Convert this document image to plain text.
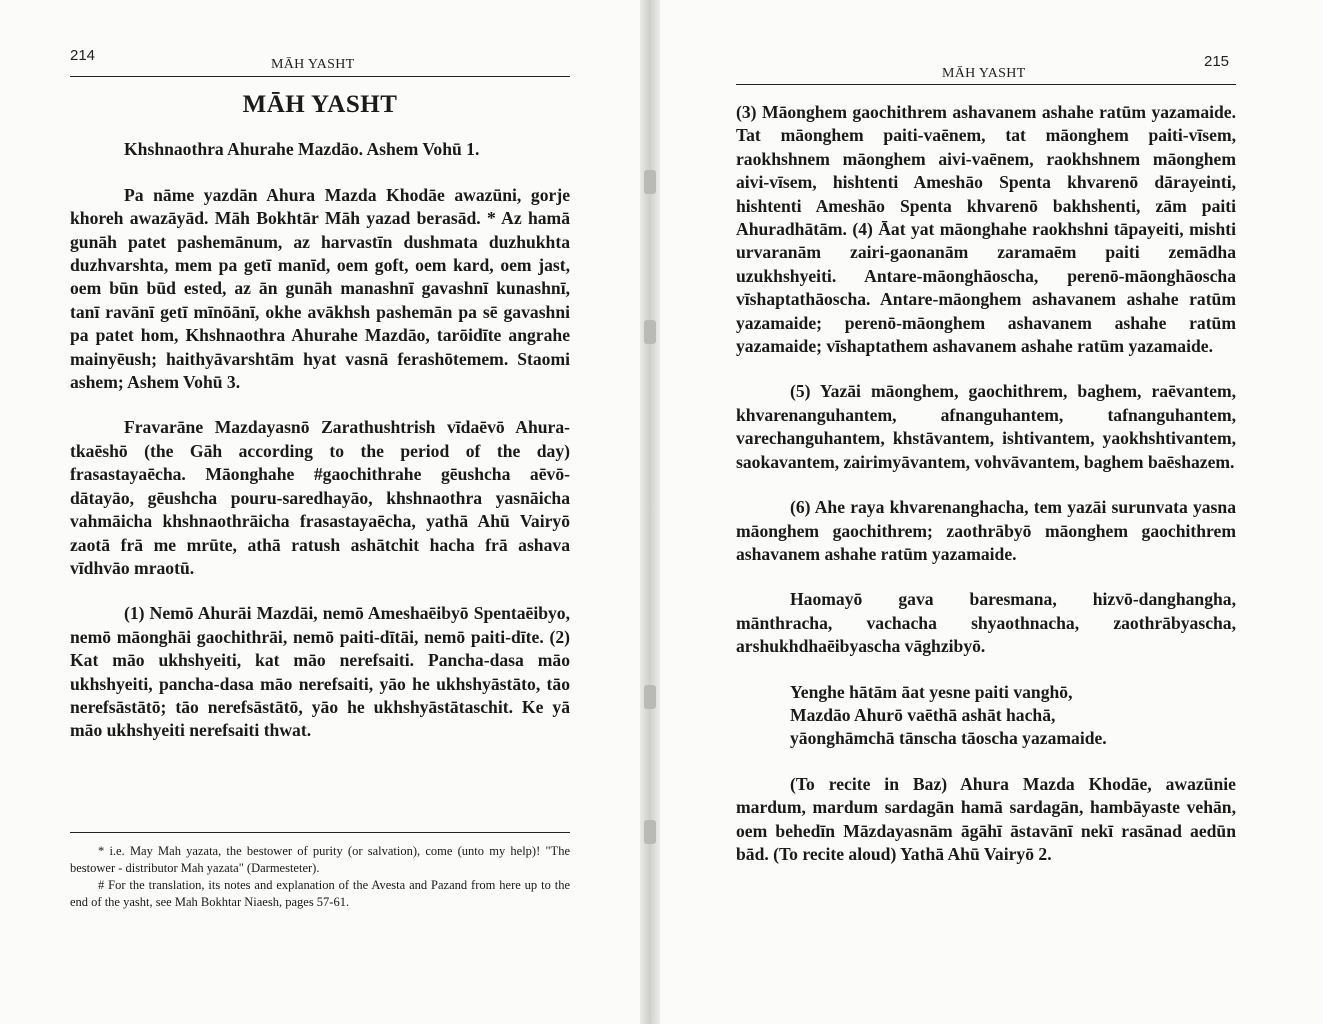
214
MĀH YASHT

MĀH YASHT

Khshnaothra Ahurahe Mazdāo. Ashem Vohū 1.

Pa nāme yazdān Ahura Mazda Khodāe awazūni, gorje khoreh awazāyād. Māh Bokhtār Māh yazad berasād. * Az hamā gunāh patet pashemānum, az harvastīn dushmata duzhukhta duzhvarshta, mem pa getī manīd, oem goft, oem kard, oem jast, oem būn būd ested, az ān gunāh manashnī gavashnī kunashnī, tanī ravānī getī mīnōānī, okhe avākhsh pashemān pa sē gavashni pa patet hom, Khshnaothra Ahurahe Mazdāo, tarōidīte angrahe mainyēush; haithyāvarshtām hyat vasnā ferashōtemem. Staomi ashem; Ashem Vohū 3.

Fravarāne Mazdayasnō Zarathushtrish vīdaēvō Ahura-tkaēshō (the Gāh according to the period of the day) frasastayaēcha. Māonghahe #gaochithrahe gēushcha aēvō- dātayāo, gēushcha pouru-saredhayāo, khshnaothra yasnāicha vahmāicha khshnaothrāicha frasastayaēcha, yathā Ahū Vairyō zaotā frā me mrūte, athā ratush ashātchit hacha frā ashava vīdhvāo mraotū.

(1) Nemō Ahurāi Mazdāi, nemō Ameshaēibyō Spentaēibyo, nemō māonghāi gaochithrāi, nemō paiti-dītāi, nemō paiti-dīte. (2) Kat māo ukhshyeiti, kat māo nerefsaiti. Pancha-dasa māo ukhshyeiti, pancha-dasa māo nerefsaiti, yāo he ukhshyāstāto, tāo nerefsāstātō; tāo nerefsāstātō, yāo he ukhshyāstātaschit. Ke yā māo ukhshyeiti nerefsaiti thwat.

* i.e. May Mah yazata, the bestower of purity (or salvation), come (unto my help)! "The bestower - distributor Mah yazata" (Darmesteter).

# For the translation, its notes and explanation of the Avesta and Pazand from here up to the end of the yasht, see Mah Bokhtar Niaesh, pages 57-61.

MĀH YASHT
215

(3) Māonghem gaochithrem ashavanem ashahe ratūm yazamaide. Tat māonghem paiti-vaēnem, tat māonghem paiti-vīsem, raokhshnem māonghem aivi-vaēnem, raokhshnem māonghem aivi-vīsem, hishtenti Ameshāo Spenta khvarenō dārayeinti, hishtenti Ameshāo Spenta khvarenō bakhshenti, zām paiti Ahuradhātām. (4) Āat yat māonghahe raokhshni tāpayeiti, mishti urvaranām zairi-gaonanām zaramaēm paiti zemādha uzukhshyeiti. Antare-māonghāoscha, perenō-māonghāoscha vīshaptathāoscha. Antare-māonghem ashavanem ashahe ratūm yazamaide; perenō-māonghem ashavanem ashahe ratūm yazamaide; vīshaptathem ashavanem ashahe ratūm yazamaide.

(5) Yazāi māonghem, gaochithrem, baghem, raēvantem, khvarenanguhantem, afnanguhantem, tafnanguhantem, varechanguhantem, khstāvantem, ishtivantem, yaokhshtivantem, saokavantem, zairimyāvantem, vohvāvantem, baghem baēshazem.

(6) Ahe raya khvarenanghacha, tem yazāi surunvata yasna māonghem gaochithrem; zaothrābyō māonghem gaochithrem ashavanem ashahe ratūm yazamaide.

Haomayō gava baresmana, hizvō-danghangha, mānthracha, vachacha shyaothnacha, zaothrābyascha, arshukhdhaēibyascha vāghzibyō.

Yenghe hātām āat yesne paiti vanghō,

Mazdāo Ahurō vaēthā ashāt hachā,

yāonghāmchā tānscha tāoscha yazamaide.

(To recite in Baz) Ahura Mazda Khodāe, awazūnie mardum, mardum sardagān hamā sardagān, hambāyaste vehān, oem behedīn Māzdayasnām āgāhī āstavānī nekī rasānad aedūn bād. (To recite aloud) Yathā Ahū Vairyō 2.
